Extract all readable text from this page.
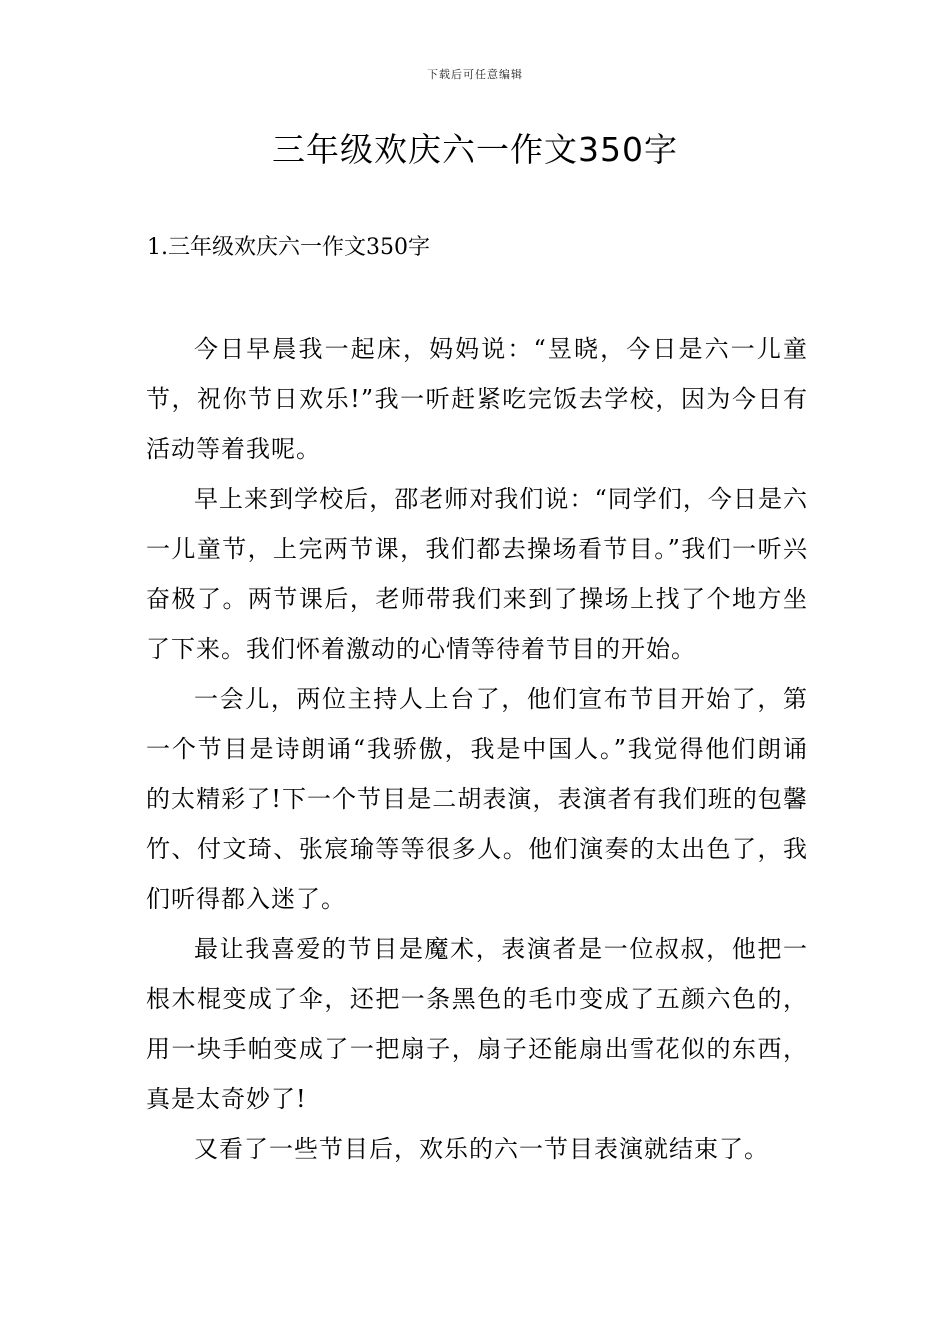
下载后可任意编辑
三年级欢庆六一作文350字
1.三年级欢庆六一作文350字

今日早晨我一起床，妈妈说：“昱晓，今日是六一儿童节，祝你节日欢乐!”我一听赶紧吃完饭去学校，因为今日有活动等着我呢。

早上来到学校后，邵老师对我们说：“同学们，今日是六一儿童节，上完两节课，我们都去操场看节目。”我们一听兴奋极了。两节课后，老师带我们来到了操场上找了个地方坐了下来。我们怀着激动的心情等待着节目的开始。

一会儿，两位主持人上台了，他们宣布节目开始了，第一个节目是诗朗诵“我骄傲，我是中国人。”我觉得他们朗诵的太精彩了!下一个节目是二胡表演，表演者有我们班的包馨竹、付文琦、张宸瑜等等很多人。他们演奏的太出色了，我们听得都入迷了。

最让我喜爱的节目是魔术，表演者是一位叔叔，他把一根木棍变成了伞，还把一条黑色的毛巾变成了五颜六色的，用一块手帕变成了一把扇子，扇子还能扇出雪花似的东西，真是太奇妙了!

又看了一些节目后，欢乐的六一节目表演就结束了。
